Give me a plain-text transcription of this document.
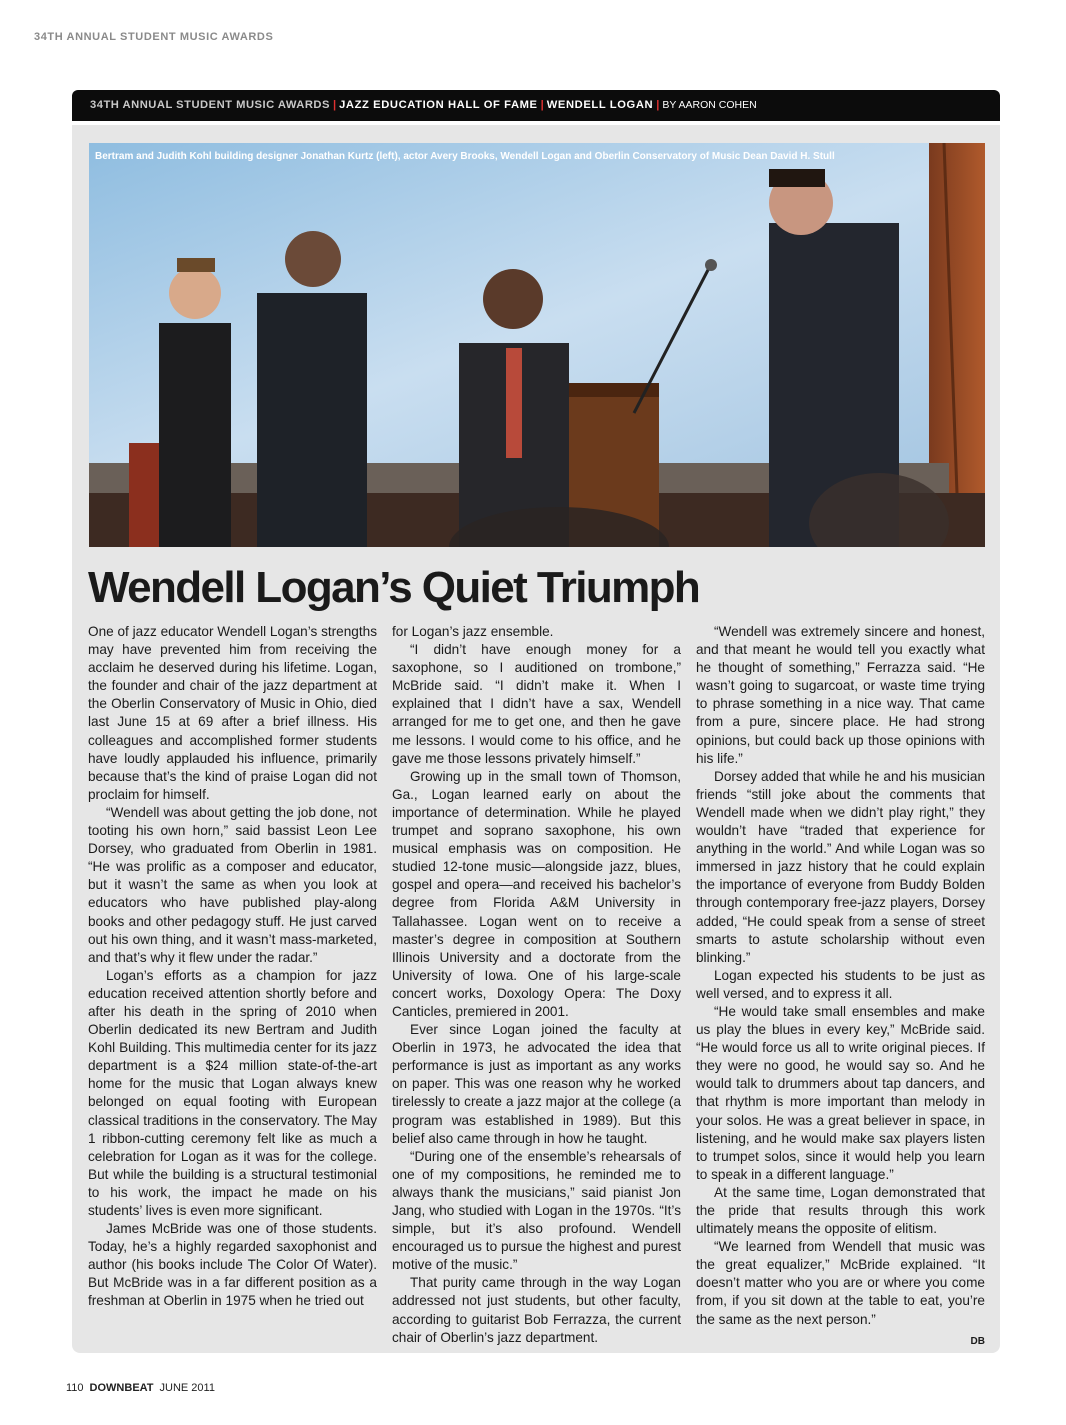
34TH ANNUAL STUDENT MUSIC AWARDS
34TH ANNUAL STUDENT MUSIC AWARDS | JAZZ EDUCATION HALL OF FAME | WENDELL LOGAN | BY AARON COHEN
Bertram and Judith Kohl building designer Jonathan Kurtz (left), actor Avery Brooks, Wendell Logan and Oberlin Conservatory of Music Dean David H. Stull
Wendell Logan’s Quiet Triumph

One of jazz educator Wendell Logan’s strengths may have prevented him from receiving the acclaim he deserved during his lifetime. Logan, the founder and chair of the jazz department at the Oberlin Conservatory of Music in Ohio, died last June 15 at 69 after a brief illness. His colleagues and accomplished former students have loudly applauded his influence, primarily because that’s the kind of praise Logan did not proclaim for himself.

“Wendell was about getting the job done, not tooting his own horn,” said bassist Leon Lee Dorsey, who graduated from Oberlin in 1981. “He was prolific as a composer and educator, but it wasn’t the same as when you look at educators who have published play-along books and other pedagogy stuff. He just carved out his own thing, and it wasn’t mass-marketed, and that’s why it flew under the radar.”

Logan’s efforts as a champion for jazz education received attention shortly before and after his death in the spring of 2010 when Oberlin dedicated its new Bertram and Judith Kohl Building. This multimedia center for its jazz department is a $24 million state-of-the-art home for the music that Logan always knew belonged on equal footing with European classical traditions in the conservatory. The May 1 ribbon-cutting ceremony felt like as much a celebration for Logan as it was for the college. But while the building is a structural testimonial to his work, the impact he made on his students’ lives is even more significant.

James McBride was one of those students. Today, he’s a highly regarded saxophonist and author (his books include The Color Of Water). But McBride was in a far different position as a freshman at Oberlin in 1975 when he tried out

for Logan’s jazz ensemble.

“I didn’t have enough money for a saxophone, so I auditioned on trombone,” McBride said. “I didn’t make it. When I explained that I didn’t have a sax, Wendell arranged for me to get one, and then he gave me lessons. I would come to his office, and he gave me those lessons privately himself.”

Growing up in the small town of Thomson, Ga., Logan learned early on about the importance of determination. While he played trumpet and soprano saxophone, his own musical emphasis was on composition. He studied 12-tone music—alongside jazz, blues, gospel and opera—and received his bachelor’s degree from Florida A&M University in Tallahassee. Logan went on to receive a master’s degree in composition at Southern Illinois University and a doctorate from the University of Iowa. One of his large-scale concert works, Doxology Opera: The Doxy Canticles, premiered in 2001.

Ever since Logan joined the faculty at Oberlin in 1973, he advocated the idea that performance is just as important as any works on paper. This was one reason why he worked tirelessly to create a jazz major at the college (a program was established in 1989). But this belief also came through in how he taught.

“During one of the ensemble’s rehearsals of one of my compositions, he reminded me to always thank the musicians,” said pianist Jon Jang, who studied with Logan in the 1970s. “It’s simple, but it’s also profound. Wendell encouraged us to pursue the highest and purest motive of the music.”

That purity came through in the way Logan addressed not just students, but other faculty, according to guitarist Bob Ferrazza, the current chair of Oberlin’s jazz department.

“Wendell was extremely sincere and honest, and that meant he would tell you exactly what he thought of something,” Ferrazza said. “He wasn’t going to sugarcoat, or waste time trying to phrase something in a nice way. That came from a pure, sincere place. He had strong opinions, but could back up those opinions with his life.”

Dorsey added that while he and his musician friends “still joke about the comments that Wendell made when we didn’t play right,” they wouldn’t have “traded that experience for anything in the world.” And while Logan was so immersed in jazz history that he could explain the importance of everyone from Buddy Bolden through contemporary free-jazz players, Dorsey added, “He could speak from a sense of street smarts to astute scholarship without even blinking.”

Logan expected his students to be just as well versed, and to express it all.

“He would take small ensembles and make us play the blues in every key,” McBride said. “He would force us all to write original pieces. If they were no good, he would say so. And he would talk to drummers about tap dancers, and that rhythm is more important than melody in your solos. He was a great believer in space, in listening, and he would make sax players listen to trumpet solos, since it would help you learn to speak in a different language.”

At the same time, Logan demonstrated that the pride that results through this work ultimately means the opposite of elitism.

“We learned from Wendell that music was the great equalizer,” McBride explained. “It doesn’t matter who you are or where you come from, if you sit down at the table to eat, you’re the same as the next person.”

DB
110 DOWNBEAT JUNE 2011
